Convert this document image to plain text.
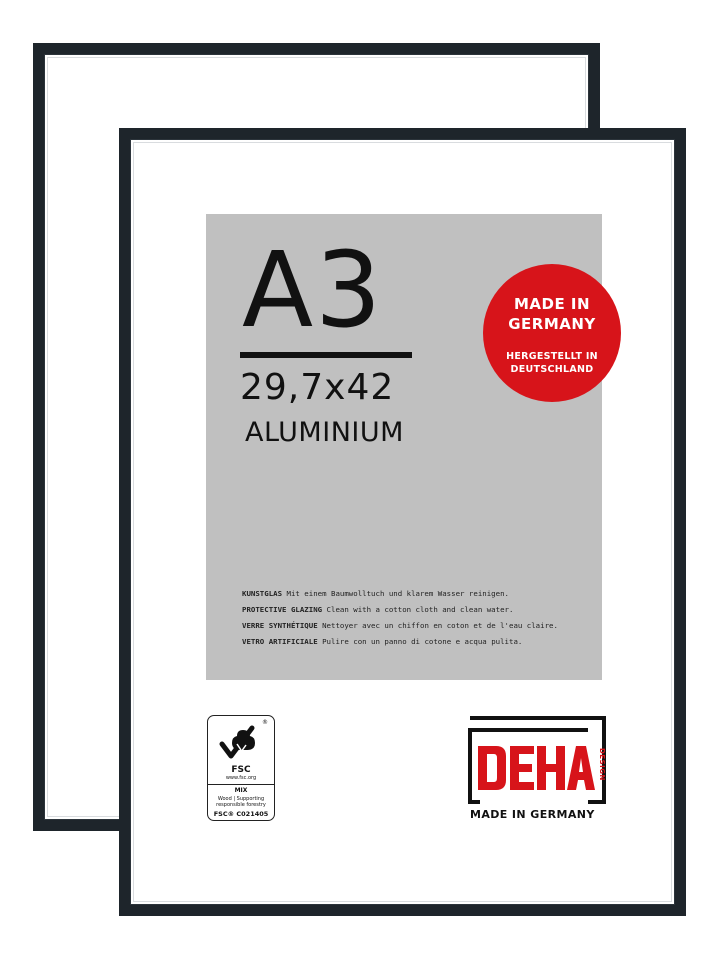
A3
29,7x42
ALUMINIUM
MADE IN
GERMANY
HERGESTELLT IN
DEUTSCHLAND
KUNSTGLAS Mit einem Baumwolltuch und klarem Wasser reinigen.
PROTECTIVE GLAZING Clean with a cotton cloth and clean water.
VERRE SYNTHÉTIQUE Nettoyer avec un chiffon en coton et de l'eau claire.
VETRO ARTIFICIALE Pulire con un panno di cotone e acqua pulita.
®
FSC
www.fsc.org
MIX
Wood | Supporting
responsible forestry
FSC® C021405
DESIGN
MADE IN GERMANY
